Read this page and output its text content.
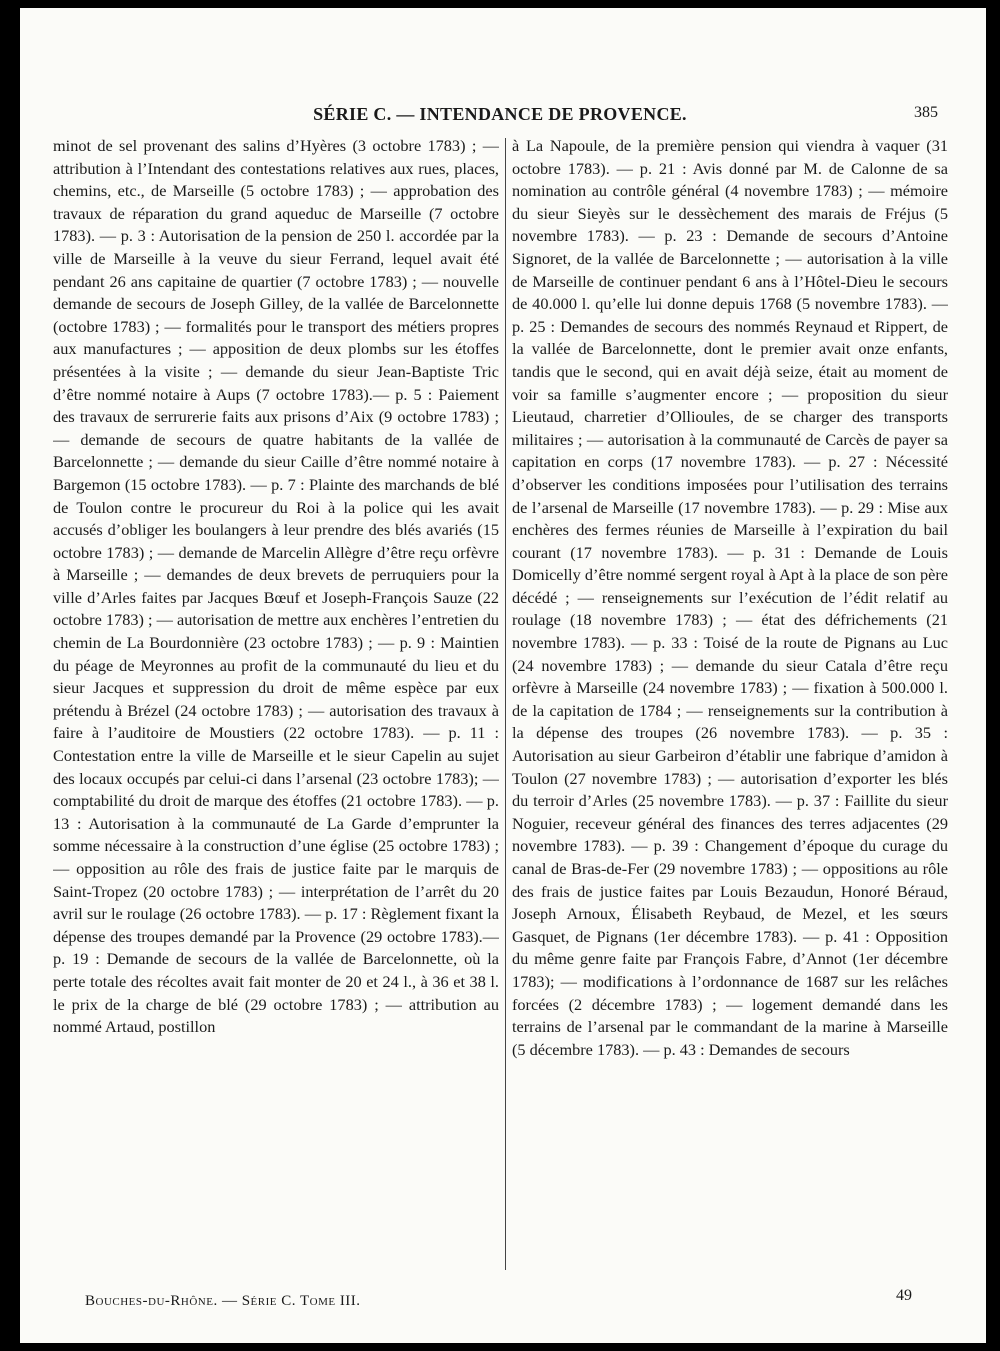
SÉRIE C. — INTENDANCE DE PROVENCE.	385
minot de sel provenant des salins d’Hyères (3 octobre 1783) ; — attribution à l’Intendant des contestations relatives aux rues, places, chemins, etc., de Marseille (5 octobre 1783) ; — approbation des travaux de réparation du grand aqueduc de Marseille (7 octobre 1783). — p. 3 : Autorisation de la pension de 250 l. accordée par la ville de Marseille à la veuve du sieur Ferrand, lequel avait été pendant 26 ans capitaine de quartier (7 octobre 1783) ; — nouvelle demande de secours de Joseph Gilley, de la vallée de Barcelonnette (octobre 1783) ; — formalités pour le transport des métiers propres aux manufactures ; — apposition de deux plombs sur les étoffes présentées à la visite ; — demande du sieur Jean-Baptiste Tric d’être nommé notaire à Aups (7 octobre 1783).— p. 5 : Paiement des travaux de serrurerie faits aux prisons d’Aix (9 octobre 1783) ; — demande de secours de quatre habitants de la vallée de Barcelonnette ; — demande du sieur Caille d’être nommé notaire à Bargemon (15 octobre 1783). — p. 7 : Plainte des marchands de blé de Toulon contre le procureur du Roi à la police qui les avait accusés d’obliger les boulangers à leur prendre des blés avariés (15 octobre 1783) ; — demande de Marcelin Allègre d’être reçu orfèvre à Marseille ; — demandes de deux brevets de perruquiers pour la ville d’Arles faites par Jacques Bœuf et Joseph-François Sauze (22 octobre 1783) ; — autorisation de mettre aux enchères l’entretien du chemin de La Bourdonnière (23 octobre 1783) ; — p. 9 : Maintien du péage de Meyronnes au profit de la communauté du lieu et du sieur Jacques et suppression du droit de même espèce par eux prétendu à Brézel (24 octobre 1783) ; — autorisation des travaux à faire à l’auditoire de Moustiers (22 octobre 1783). — p. 11 : Contestation entre la ville de Marseille et le sieur Capelin au sujet des locaux occupés par celui-ci dans l’arsenal (23 octobre 1783); — comptabilité du droit de marque des étoffes (21 octobre 1783). — p. 13 : Autorisation à la communauté de La Garde d’emprunter la somme nécessaire à la construction d’une église (25 octobre 1783) ; — opposition au rôle des frais de justice faite par le marquis de Saint-Tropez (20 octobre 1783) ; — interprétation de l’arrêt du 20 avril sur le roulage (26 octobre 1783). — p. 17 : Règlement fixant la dépense des troupes demandé par la Provence (29 octobre 1783).— p. 19 : Demande de secours de la vallée de Barcelonnette, où la perte totale des récoltes avait fait monter de 20 et 24 l., à 36 et 38 l. le prix de la charge de blé (29 octobre 1783) ; — attribution au nommé Artaud, postillon
à La Napoule, de la première pension qui viendra à vaquer (31 octobre 1783). — p. 21 : Avis donné par M. de Calonne de sa nomination au contrôle général (4 novembre 1783) ; — mémoire du sieur Sieyès sur le dessèchement des marais de Fréjus (5 novembre 1783). — p. 23 : Demande de secours d’Antoine Signoret, de la vallée de Barcelonnette ; — autorisation à la ville de Marseille de continuer pendant 6 ans à l’Hôtel-Dieu le secours de 40.000 l. qu’elle lui donne depuis 1768 (5 novembre 1783). — p. 25 : Demandes de secours des nommés Reynaud et Rippert, de la vallée de Barcelonnette, dont le premier avait onze enfants, tandis que le second, qui en avait déjà seize, était au moment de voir sa famille s’augmenter encore ; — proposition du sieur Lieutaud, charretier d’Ollioules, de se charger des transports militaires ; — autorisation à la communauté de Carcès de payer sa capitation en corps (17 novembre 1783). — p. 27 : Nécessité d’observer les conditions imposées pour l’utilisation des terrains de l’arsenal de Marseille (17 novembre 1783). — p. 29 : Mise aux enchères des fermes réunies de Marseille à l’expiration du bail courant (17 novembre 1783). — p. 31 : Demande de Louis Domicelly d’être nommé sergent royal à Apt à la place de son père décédé ; — renseignements sur l’exécution de l’édit relatif au roulage (18 novembre 1783) ; — état des défrichements (21 novembre 1783). — p. 33 : Toisé de la route de Pignans au Luc (24 novembre 1783) ; — demande du sieur Catala d’être reçu orfèvre à Marseille (24 novembre 1783) ; — fixation à 500.000 l. de la capitation de 1784 ; — renseignements sur la contribution à la dépense des troupes (26 novembre 1783). — p. 35 : Autorisation au sieur Garbeiron d’établir une fabrique d’amidon à Toulon (27 novembre 1783) ; — autorisation d’exporter les blés du terroir d’Arles (25 novembre 1783). — p. 37 : Faillite du sieur Noguier, receveur général des finances des terres adjacentes (29 novembre 1783). — p. 39 : Changement d’époque du curage du canal de Bras-de-Fer (29 novembre 1783) ; — oppositions au rôle des frais de justice faites par Louis Bezaudun, Honoré Béraud, Joseph Arnoux, Élisabeth Reybaud, de Mezel, et les sœurs Gasquet, de Pignans (1er décembre 1783). — p. 41 : Opposition du même genre faite par François Fabre, d’Annot (1er décembre 1783); — modifications à l’ordonnance de 1687 sur les relâches forcées (2 décembre 1783) ; — logement demandé dans les terrains de l’arsenal par le commandant de la marine à Marseille (5 décembre 1783). — p. 43 : Demandes de secours
Bouches-du-Rhône. — Série C. Tome III.	49
